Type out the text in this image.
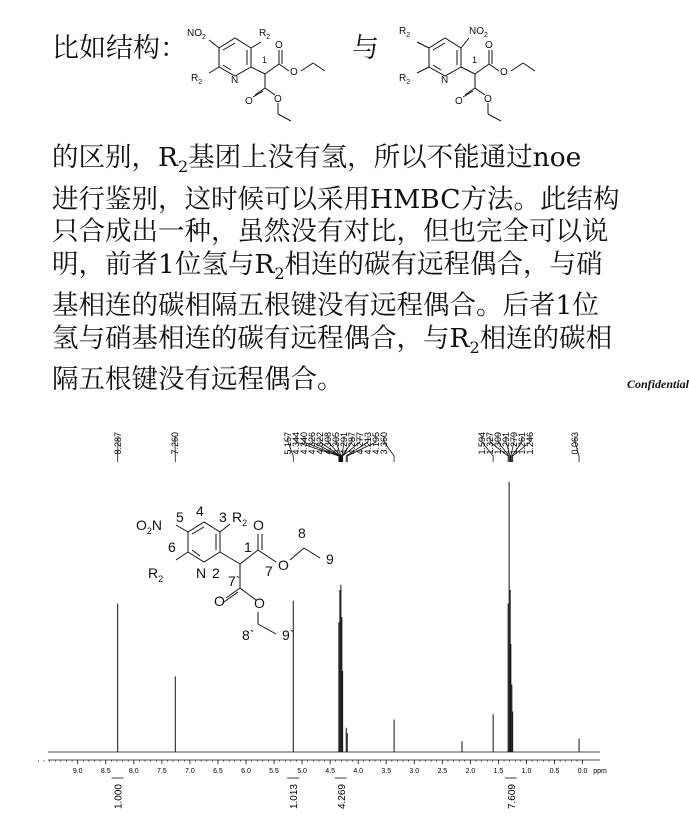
比如结构： $NO_2$	$R_2$
$R_2$	N
1
O
O
O O
与
$R_2$	$NO_2$
$R_2$	N
1
O
O
O O

的区别，$R_2$基团上没有氢，所以不能通过noe

进行鉴别，这时候可以采用HMBC方法。此结构

只合成出一种，虽然没有对比，但也完全可以说

明，前者1位氢与$R_2$相连的碳有远程偶合，与硝

基相连的碳相隔五根键没有远程偶合。后者1位

氢与硝基相连的碳有远程偶合，与$R_2$相连的碳相

隔五根键没有远程偶合。	Confidential
8.287	7.260	5.157
4.344
4.340
4.326
4.322
4.308
4.305
4.291
4.287
4.277
4.213
4.195
3.360	1.594
1.327
1.309
1.291
1.279
1.261
1.246	0.063
9.0	8.5	8.0	7.5	7.0	6.5	6.0	5.5	5.0	4.5	4.0	3.5	3.0	2.5	2.0	1.5	1.0	0.5	0.0 ppm
1.000	1.013	4.269	7.609
$O_2N$ 5 4 3 $R_2$
6
$R_2$ N 2
1
O
7 O
8
9
7`
O O
8` 9`
